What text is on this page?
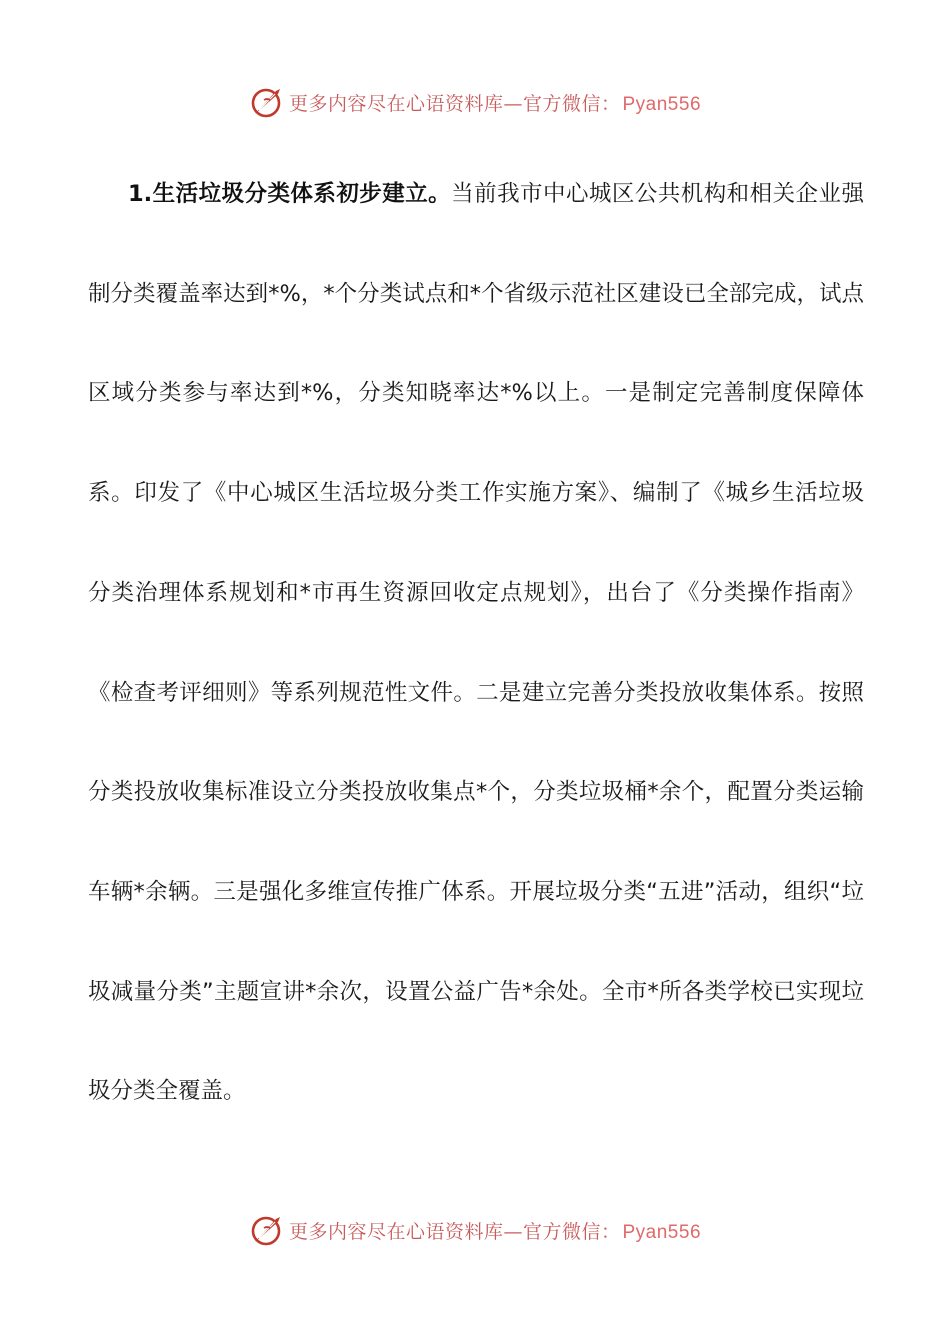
更多内容尽在心语资料库—官方微信： Pyan556

1.生活垃圾分类体系初步建立。当前我市中心城区公共机构和相关企业强制分类覆盖率达到*%，*个分类试点和*个省级示范社区建设已全部完成，试点区域分类参与率达到*%，分类知晓率达*%以上。一是制定完善制度保障体系。印发了《中心城区生活垃圾分类工作实施方案》、编制了《城乡生活垃圾分类治理体系规划和*市再生资源回收定点规划》，出台了《分类操作指南》《检查考评细则》等系列规范性文件。二是建立完善分类投放收集体系。按照分类投放收集标准设立分类投放收集点*个，分类垃圾桶*余个，配置分类运输车辆*余辆。三是强化多维宣传推广体系。开展垃圾分类“五进”活动，组织“垃圾减量分类”主题宣讲*余次，设置公益广告*余处。全市*所各类学校已实现垃圾分类全覆盖。

更多内容尽在心语资料库—官方微信： Pyan556
